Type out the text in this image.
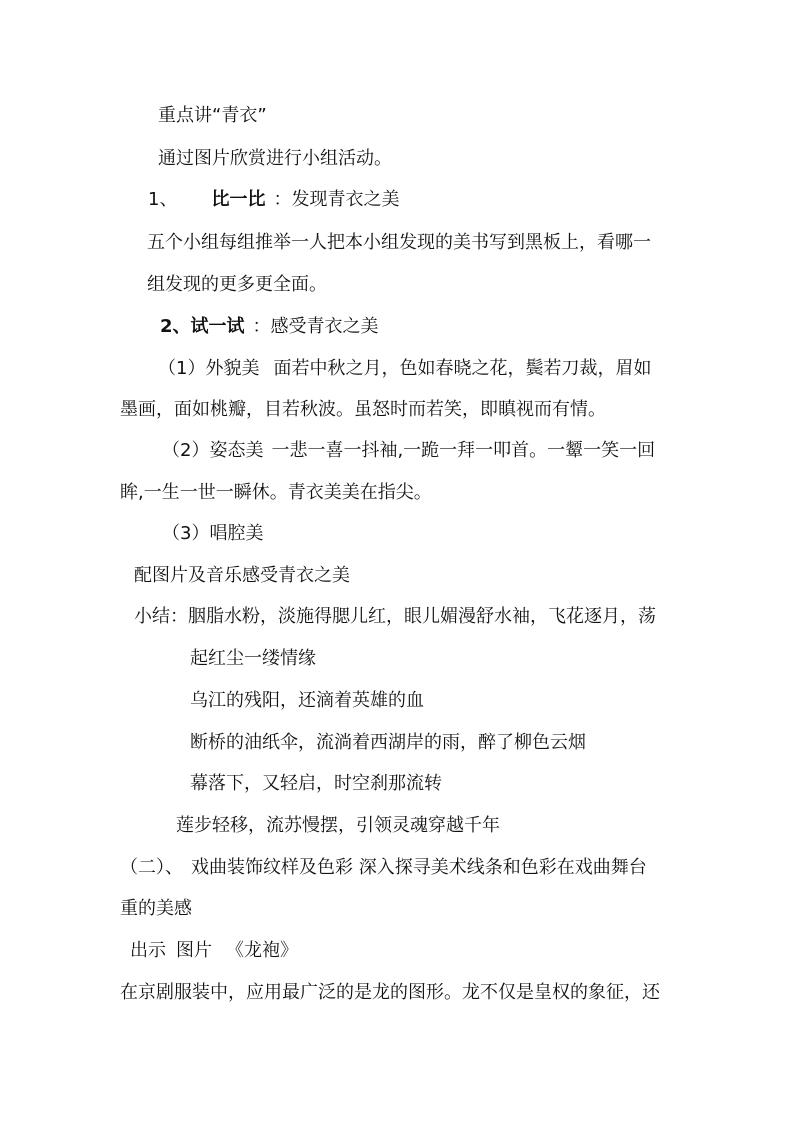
重点讲“青衣”
通过图片欣赏进行小组活动。
1、 比一比 ：发现青衣之美
五个小组每组推举一人把本小组发现的美书写到黑板上，看哪一
组发现的更多更全面。
2、试一试 ：感受青衣之美
（1）外貌美 面若中秋之月，色如春晓之花，鬓若刀裁，眉如
墨画，面如桃瓣，目若秋波。虽怒时而若笑，即瞋视而有情。
（2）姿态美 一悲一喜一抖袖,一跪一拜一叩首。一颦一笑一回
眸,一生一世一瞬休。青衣美美在指尖。
（3）唱腔美
配图片及音乐感受青衣之美
小结：胭脂水粉，淡施得腮儿红，眼儿媚漫舒水袖，飞花逐月，荡
起红尘一缕情缘
乌江的残阳，还滴着英雄的血
断桥的油纸伞，流淌着西湖岸的雨，醉了柳色云烟
幕落下，又轻启，时空刹那流转
莲步轻移，流苏慢摆，引领灵魂穿越千年
（二）、 戏曲装饰纹样及色彩 深入探寻美术线条和色彩在戏曲舞台
重的美感
出示 图片 《龙袍》
在京剧服装中，应用最广泛的是龙的图形。龙不仅是皇权的象征，还
